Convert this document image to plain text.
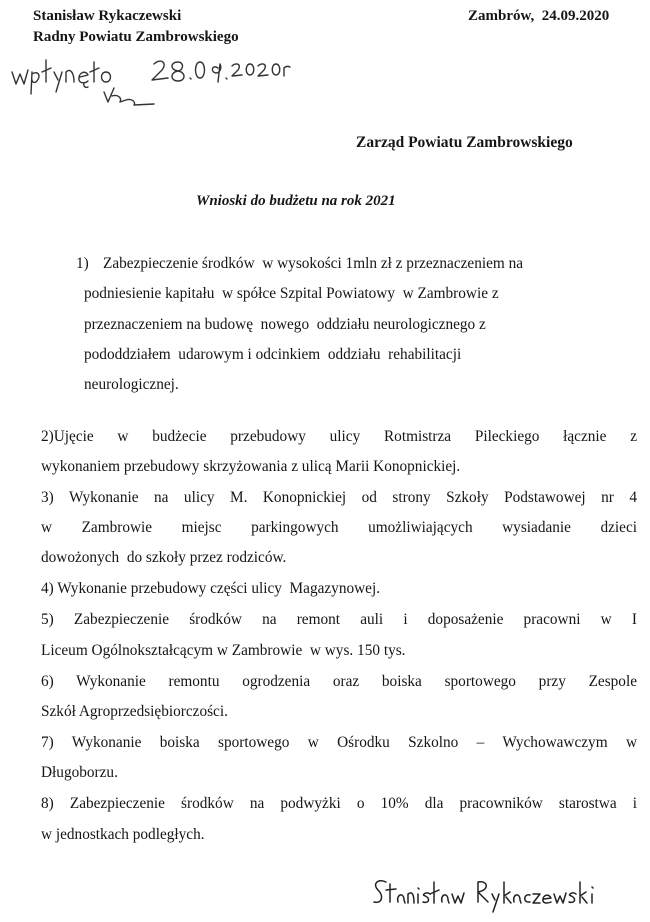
Stanisław Rykaczewski
Radny Powiatu Zambrowskiego
Zambrów,  24.09.2020
Zarząd Powiatu Zambrowskiego
Wnioski do budżetu na rok 2021
1) Zabezpieczenie środków  w wysokości 1mln zł z przeznaczeniem na
podniesienie kapitału  w spółce Szpital Powiatowy  w Zambrowie z
przeznaczeniem na budowę  nowego  oddziału neurologicznego z
pododdziałem  udarowym i odcinkiem  oddziału  rehabilitacji
neurologicznej.
2)Ujęcie w budżecie przebudowy ulicy Rotmistrza Pileckiego łącznie z
wykonaniem przebudowy skrzyżowania z ulicą Marii Konopnickiej.
3) Wykonanie na ulicy M. Konopnickiej od strony Szkoły Podstawowej nr 4
w Zambrowie miejsc parkingowych umożliwiających wysiadanie dzieci
dowożonych  do szkoły przez rodziców.
4) Wykonanie przebudowy części ulicy  Magazynowej.
5) Zabezpieczenie środków na remont auli i doposażenie pracowni w I
Liceum Ogólnokształcącym w Zambrowie  w wys. 150 tys.
6) Wykonanie remontu ogrodzenia oraz boiska sportowego przy Zespole
Szkół Agroprzedsiębiorczości.
7) Wykonanie boiska sportowego w Ośrodku Szkolno – Wychowawczym w
Długoborzu.
8) Zabezpieczenie środków na podwyżki o 10% dla pracowników starostwa i
w jednostkach podległych.
